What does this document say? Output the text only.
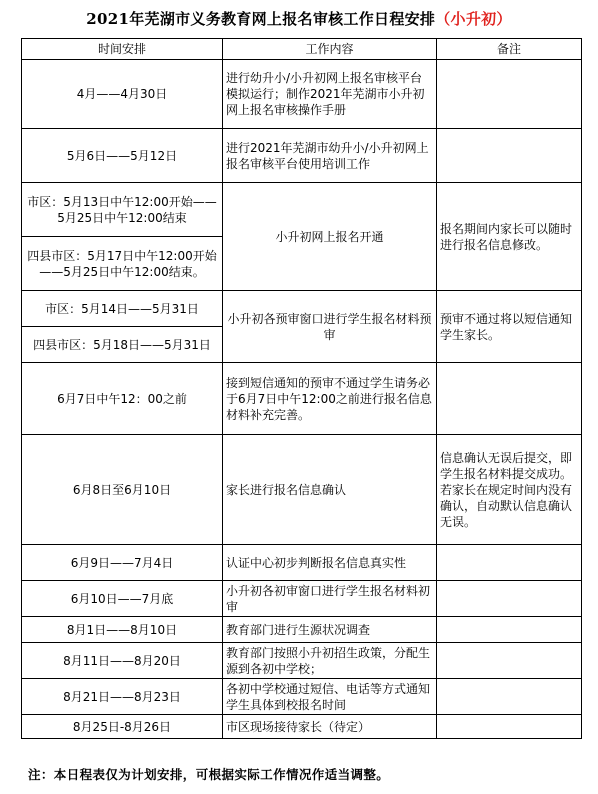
2021年芜湖市义务教育网上报名审核工作日程安排（小升初）
时间安排	工作内容	备注
4月——4月30日	进行幼升小/小升初网上报名审核平台模拟运行；制作2021年芜湖市小升初网上报名审核操作手册	
5月6日——5月12日	进行2021年芜湖市幼升小/小升初网上报名审核平台使用培训工作	
市区：5月13日中午12:00开始——5月25日中午12:00结束	小升初网上报名开通	报名期间内家长可以随时进行报名信息修改。
四县市区：5月17日中午12:00开始——5月25日中午12:00结束。		
市区：5月14日——5月31日	小升初各预审窗口进行学生报名材料预审	预审不通过将以短信通知学生家长。
四县市区：5月18日——5月31日		
6月7日中午12：00之前	接到短信通知的预审不通过学生请务必于6月7日中午12:00之前进行报名信息材料补充完善。	
6月8日至6月10日	家长进行报名信息确认	信息确认无误后提交，即学生报名材料提交成功。若家长在规定时间内没有确认，自动默认信息确认无误。
6月9日——7月4日	认证中心初步判断报名信息真实性	
6月10日——7月底	小升初各初审窗口进行学生报名材料初审	
8月1日——8月10日	教育部门进行生源状况调查	
8月11日——8月20日	教育部门按照小升初招生政策，分配生源到各初中学校；	
8月21日——8月23日	各初中学校通过短信、电话等方式通知学生具体到校报名时间	
8月25日-8月26日	市区现场接待家长（待定）	
注：本日程表仅为计划安排，可根据实际工作情况作适当调整。
